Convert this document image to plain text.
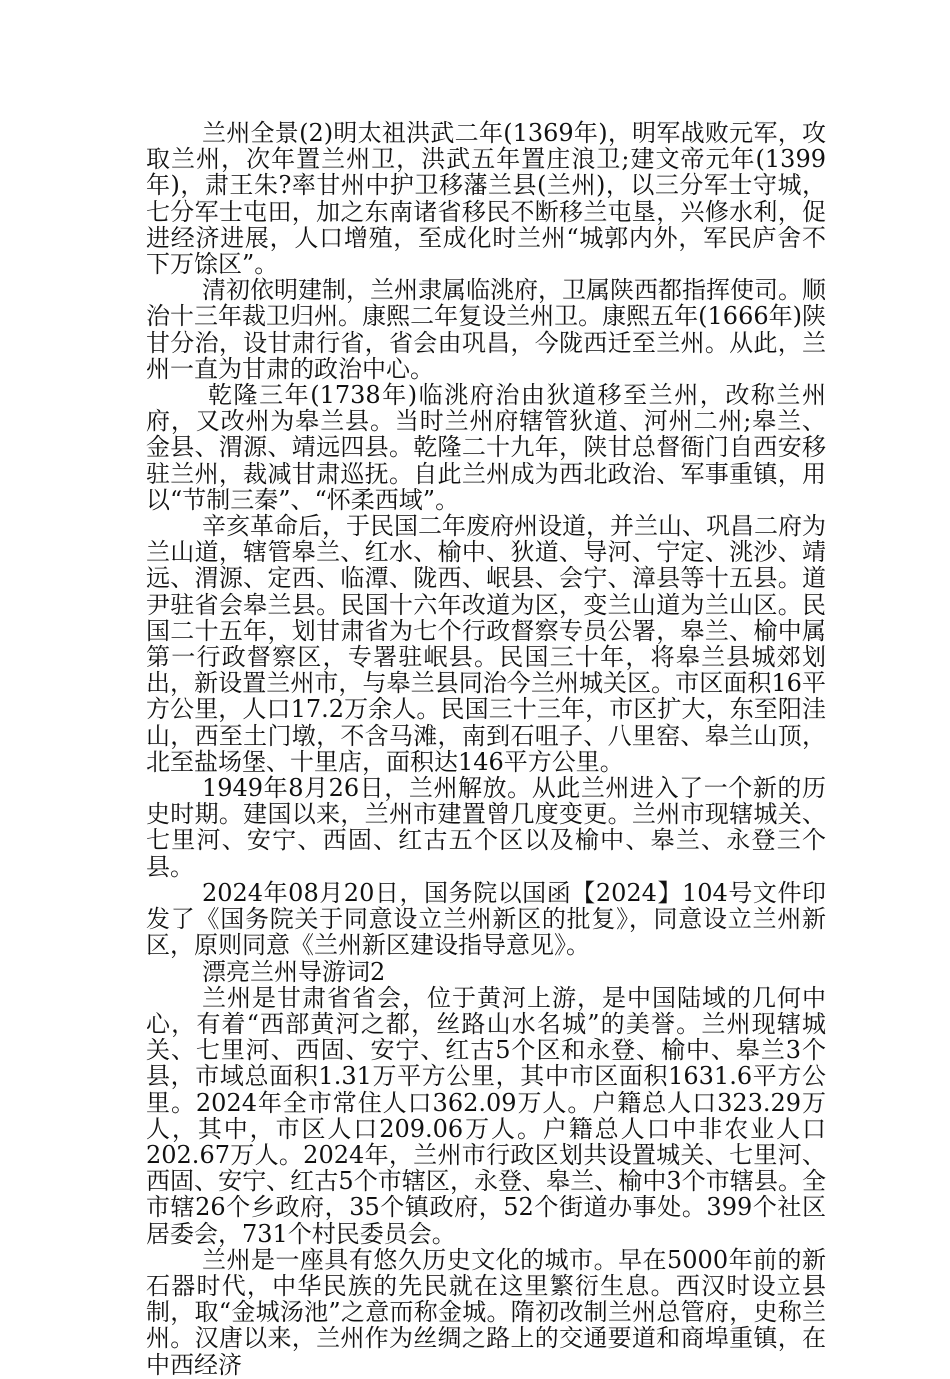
兰州全景(2)明太祖洪武二年(1369年)，明军战败元军，攻取兰州，次年置兰州卫，洪武五年置庄浪卫;建文帝元年(1399年)，肃王朱?率甘州中护卫移藩兰县(兰州)，以三分军士守城，七分军士屯田，加之东南诸省移民不断移兰屯垦，兴修水利，促进经济进展，人口增殖，至成化时兰州“城郭内外，军民庐舍不下万馀区”。

清初依明建制，兰州隶属临洮府，卫属陕西都指挥使司。顺治十三年裁卫归州。康熙二年复设兰州卫。康熙五年(1666年)陕甘分治，设甘肃行省，省会由巩昌，今陇西迁至兰州。从此，兰州一直为甘肃的政治中心。

乾隆三年(1738年)临洮府治由狄道移至兰州，改称兰州府，又改州为皋兰县。当时兰州府辖管狄道、河州二州;皋兰、金县、渭源、靖远四县。乾隆二十九年，陕甘总督衙门自西安移驻兰州，裁减甘肃巡抚。自此兰州成为西北政治、军事重镇，用以“节制三秦”、“怀柔西域”。

辛亥革命后，于民国二年废府州设道，并兰山、巩昌二府为兰山道，辖管皋兰、红水、榆中、狄道、导河、宁定、洮沙、靖远、渭源、定西、临潭、陇西、岷县、会宁、漳县等十五县。道尹驻省会皋兰县。民国十六年改道为区，变兰山道为兰山区。民国二十五年，划甘肃省为七个行政督察专员公署，皋兰、榆中属第一行政督察区，专署驻岷县。民国三十年，将皋兰县城郊划出，新设置兰州市，与皋兰县同治今兰州城关区。市区面积16平方公里，人口17.2万余人。民国三十三年，市区扩大，东至阳洼山，西至土门墩，不含马滩，南到石咀子、八里窑、皋兰山顶，北至盐场堡、十里店，面积达146平方公里。

1949年8月26日，兰州解放。从此兰州进入了一个新的历史时期。建国以来，兰州市建置曾几度变更。兰州市现辖城关、七里河、安宁、西固、红古五个区以及榆中、皋兰、永登三个县。

2024年08月20日，国务院以国函【2024】104号文件印发了《国务院关于同意设立兰州新区的批复》，同意设立兰州新区，原则同意《兰州新区建设指导意见》。

漂亮兰州导游词2

兰州是甘肃省省会，位于黄河上游，是中国陆域的几何中心，有着“西部黄河之都，丝路山水名城”的美誉。兰州现辖城关、七里河、西固、安宁、红古5个区和永登、榆中、皋兰3个县，市域总面积1.31万平方公里，其中市区面积1631.6平方公里。2024年全市常住人口362.09万人。户籍总人口323.29万人，其中，市区人口209.06万人。户籍总人口中非农业人口202.67万人。2024年，兰州市行政区划共设置城关、七里河、西固、安宁、红古5个市辖区，永登、皋兰、榆中3个市辖县。全市辖26个乡政府，35个镇政府，52个街道办事处。399个社区居委会，731个村民委员会。

兰州是一座具有悠久历史文化的城市。早在5000年前的新石器时代，中华民族的先民就在这里繁衍生息。西汉时设立县制，取“金城汤池”之意而称金城。隋初改制兰州总管府，史称兰州。汉唐以来，兰州作为丝绸之路上的交通要道和商埠重镇，在中西经济
